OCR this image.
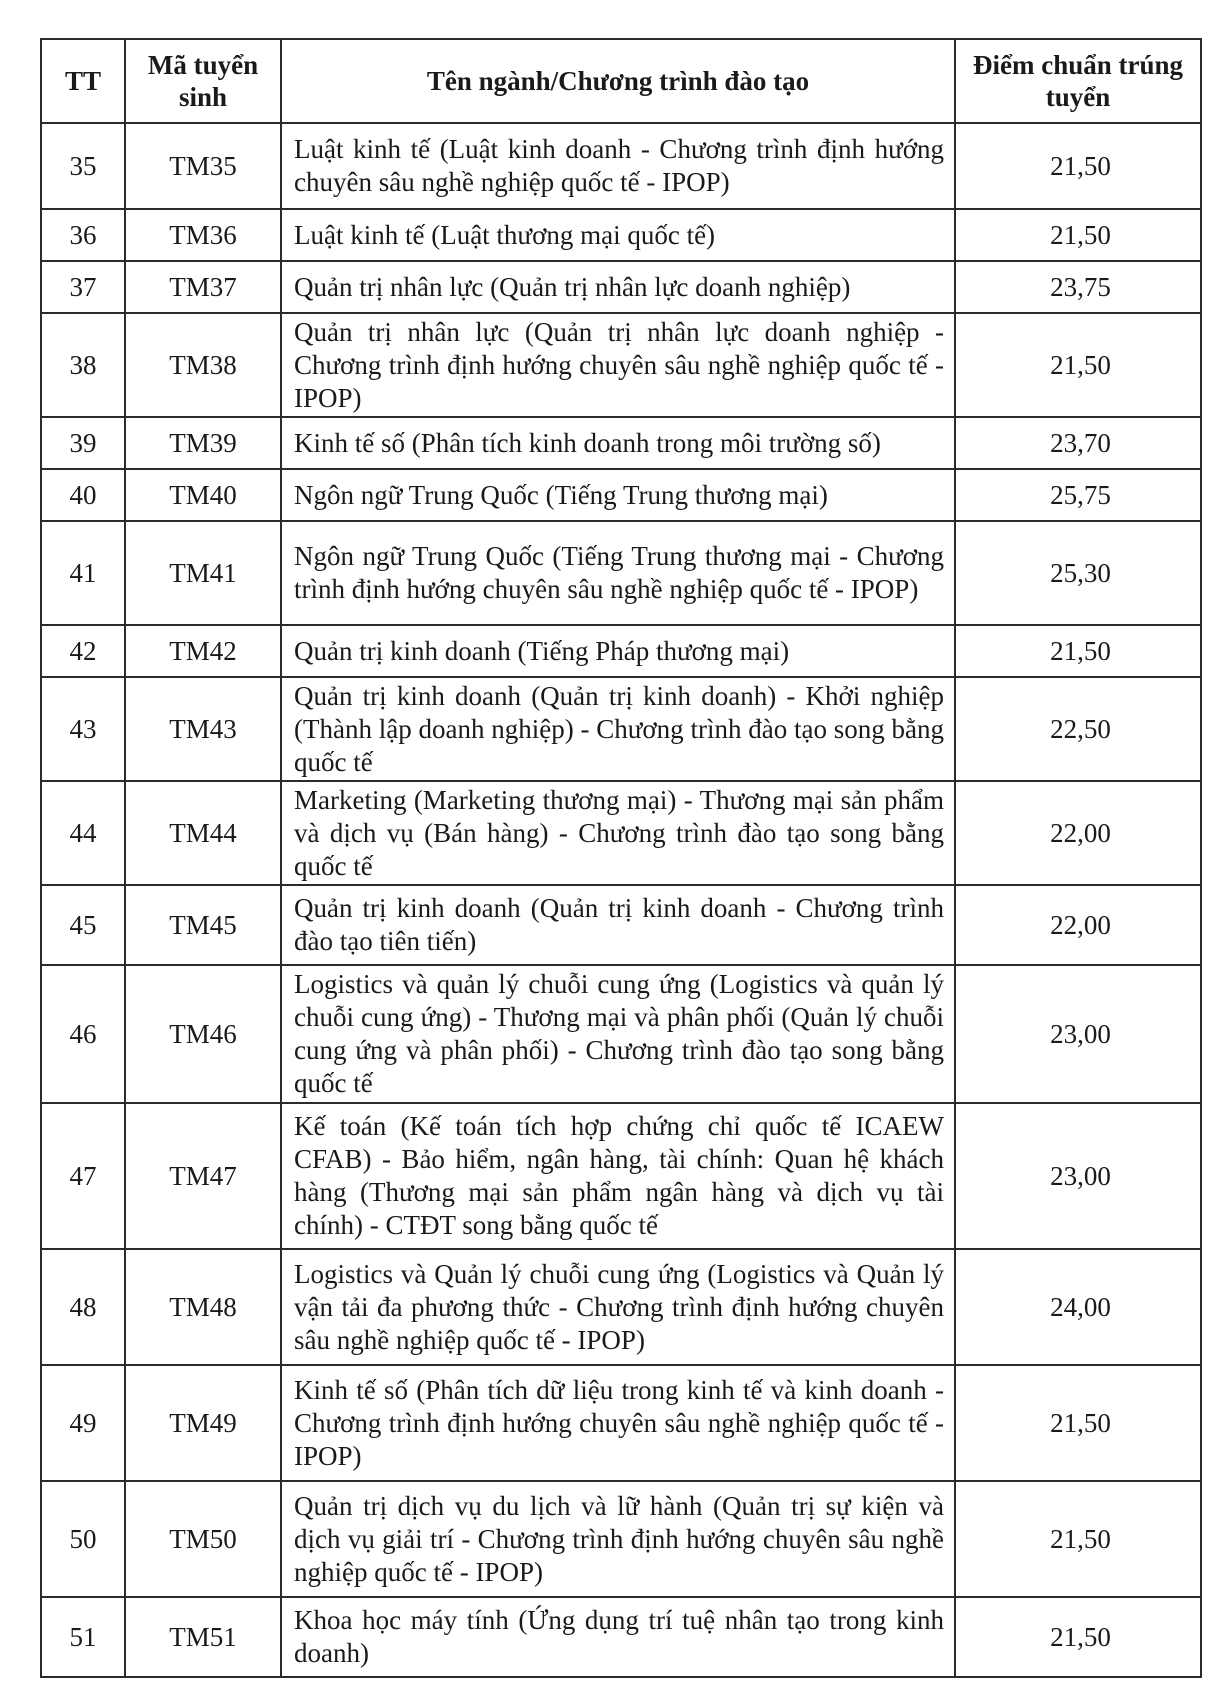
TT	Mã tuyển sinh	Tên ngành/Chương trình đào tạo	Điểm chuẩn trúng tuyển
35	TM35	Luật kinh tế (Luật kinh doanh - Chương trình định hướng chuyên sâu nghề nghiệp quốc tế - IPOP)	21,50
36	TM36	Luật kinh tế (Luật thương mại quốc tế)	21,50
37	TM37	Quản trị nhân lực (Quản trị nhân lực doanh nghiệp)	23,75
38	TM38	Quản trị nhân lực (Quản trị nhân lực doanh nghiệp - Chương trình định hướng chuyên sâu nghề nghiệp quốc tế - IPOP)	21,50
39	TM39	Kinh tế số (Phân tích kinh doanh trong môi trường số)	23,70
40	TM40	Ngôn ngữ Trung Quốc (Tiếng Trung thương mại)	25,75
41	TM41	Ngôn ngữ Trung Quốc (Tiếng Trung thương mại - Chương trình định hướng chuyên sâu nghề nghiệp quốc tế - IPOP)	25,30
42	TM42	Quản trị kinh doanh (Tiếng Pháp thương mại)	21,50
43	TM43	Quản trị kinh doanh (Quản trị kinh doanh) - Khởi nghiệp (Thành lập doanh nghiệp) - Chương trình đào tạo song bằng quốc tế	22,50
44	TM44	Marketing (Marketing thương mại) - Thương mại sản phẩm và dịch vụ (Bán hàng) - Chương trình đào tạo song bằng quốc tế	22,00
45	TM45	Quản trị kinh doanh (Quản trị kinh doanh - Chương trình đào tạo tiên tiến)	22,00
46	TM46	Logistics và quản lý chuỗi cung ứng (Logistics và quản lý chuỗi cung ứng) - Thương mại và phân phối (Quản lý chuỗi cung ứng và phân phối) - Chương trình đào tạo song bằng quốc tế	23,00
47	TM47	Kế toán (Kế toán tích hợp chứng chỉ quốc tế ICAEW CFAB) - Bảo hiểm, ngân hàng, tài chính: Quan hệ khách hàng (Thương mại sản phẩm ngân hàng và dịch vụ tài chính) - CTĐT song bằng quốc tế	23,00
48	TM48	Logistics và Quản lý chuỗi cung ứng (Logistics và Quản lý vận tải đa phương thức - Chương trình định hướng chuyên sâu nghề nghiệp quốc tế - IPOP)	24,00
49	TM49	Kinh tế số (Phân tích dữ liệu trong kinh tế và kinh doanh - Chương trình định hướng chuyên sâu nghề nghiệp quốc tế - IPOP)	21,50
50	TM50	Quản trị dịch vụ du lịch và lữ hành (Quản trị sự kiện và dịch vụ giải trí - Chương trình định hướng chuyên sâu nghề nghiệp quốc tế - IPOP)	21,50
51	TM51	Khoa học máy tính (Ứng dụng trí tuệ nhân tạo trong kinh doanh)	21,50
